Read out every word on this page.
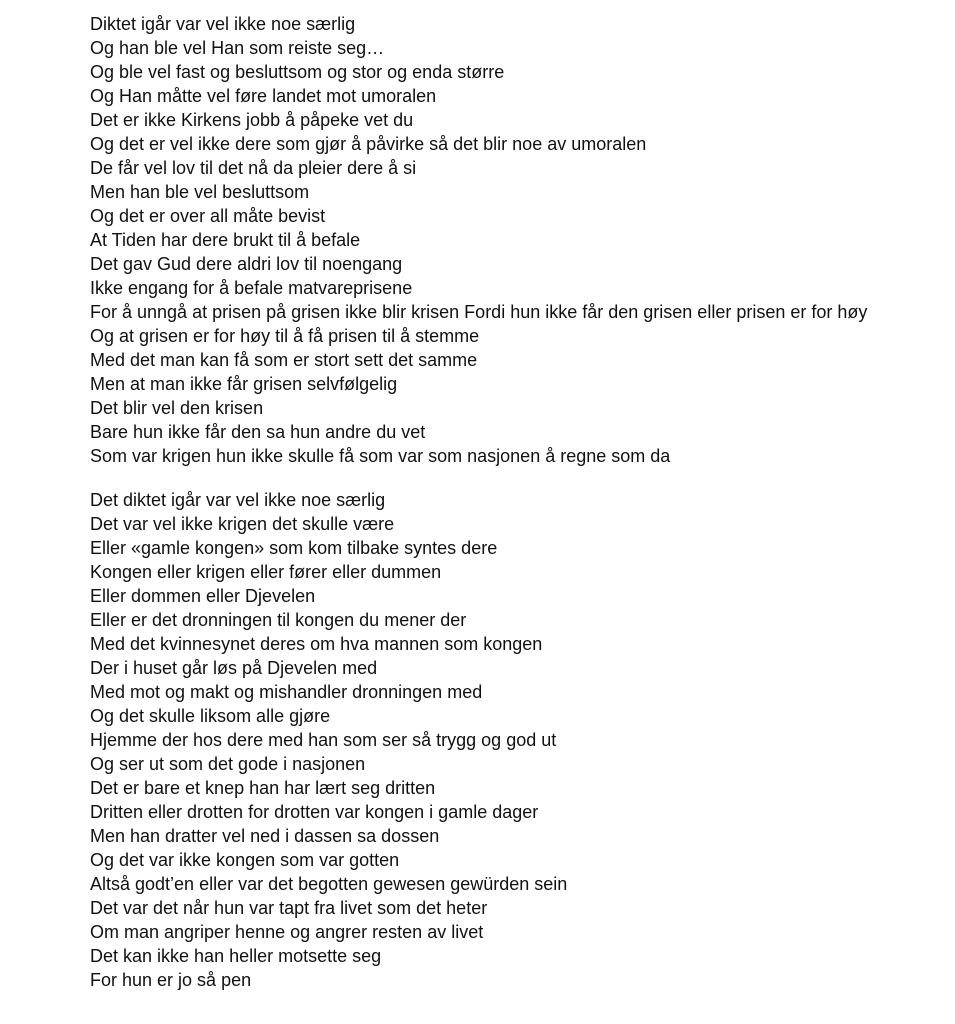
Diktet igår var vel ikke noe særlig
Og han ble vel Han som reiste seg…
Og ble vel fast og besluttsom og stor og enda større
Og Han måtte vel føre landet mot umoralen
Det er ikke Kirkens jobb å påpeke vet du
Og det er vel ikke dere som gjør å påvirke så det blir noe av umoralen
De får vel lov til det nå da pleier dere å si
Men han ble vel besluttsom
Og det er over all måte bevist
At Tiden har dere brukt til å befale
Det gav Gud dere aldri lov til noengang
Ikke engang for å befale matvareprisene
For å unngå at prisen på grisen ikke blir krisen Fordi hun ikke får den grisen eller prisen er for høy
Og at grisen er for høy til å få prisen til å stemme
Med det man kan få som er stort sett det samme
Men at man ikke får grisen selvfølgelig
Det blir vel den krisen
Bare hun ikke får den sa hun andre du vet
Som var krigen hun ikke skulle få som var som nasjonen å regne som da
Det diktet igår var vel ikke noe særlig
Det var vel ikke krigen det skulle være
Eller «gamle kongen» som kom tilbake syntes dere
Kongen eller krigen eller fører eller dummen
Eller dommen eller Djevelen
Eller er det dronningen til kongen du mener der
Med det kvinnesynet deres om hva mannen som kongen
Der i huset går løs på Djevelen med
Med mot og makt og mishandler dronningen med
Og det skulle liksom alle gjøre
Hjemme der hos dere med han som ser så trygg og god ut
Og ser ut som det gode i nasjonen
Det er bare et knep han har lært seg dritten
Dritten eller drotten for drotten var kongen i gamle dager
Men han dratter vel ned i dassen sa dossen
Og det var ikke kongen som var gotten
Altså godt’en eller var det begotten gewesen gewürden sein
Det var det når hun var tapt fra livet som det heter
Om man angriper henne og angrer resten av livet
Det kan ikke han heller motsette seg
For hun er jo så pen
